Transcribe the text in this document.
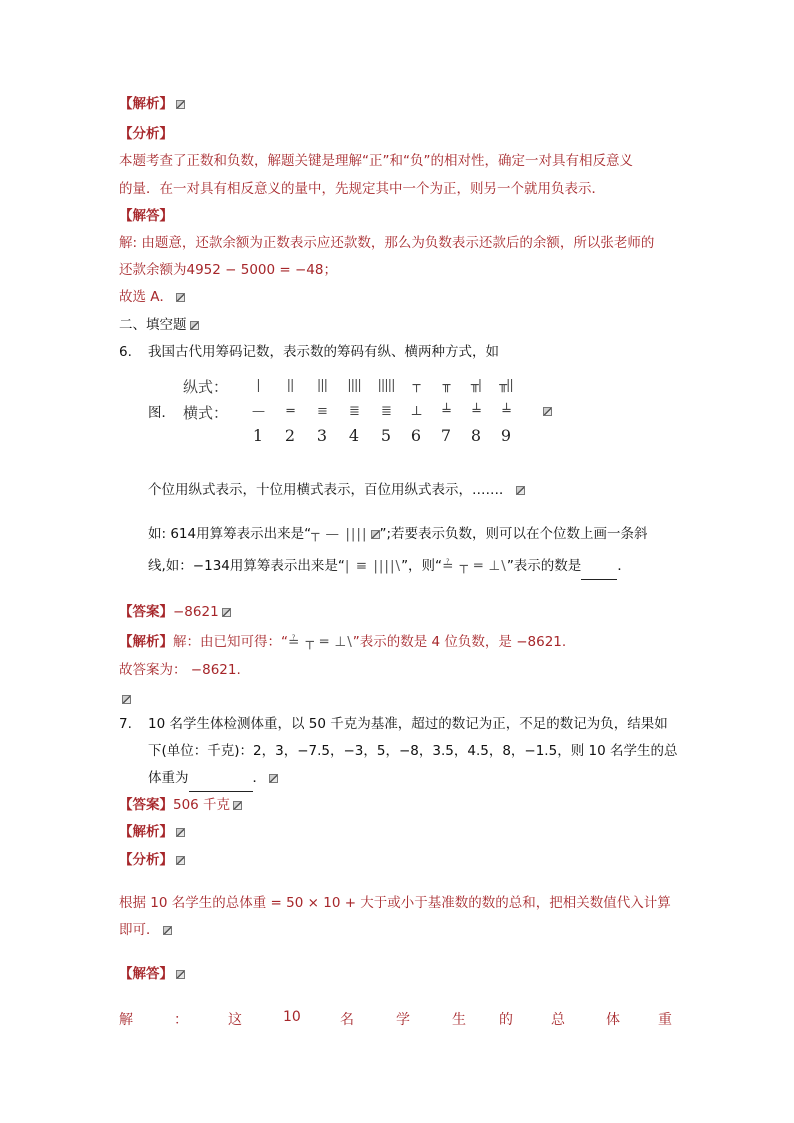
【解析】
【分析】
本题考查了正数和负数，解题关键是理解“正”和“负”的相对性，确定一对具有相反意义
的量．在一对具有相反意义的量中，先规定其中一个为正，则另一个就用负表示．
【解答】
解: 由题意，还款余额为正数表示应还款数，那么为负数表示还款后的余额，所以张老师的
还款余额为4952 − 5000 = −48；
故选 A．
二、填空题
6. 我国古代用筹码记数，表示数的筹码有纵、横两种方式，如
图．
纵式：
横式：
|	||	|||	||||	|||||	┬	╥	╥|	╥||
—	═	≡	≣	≣	⊥	╧	╧	╧
1	2	3	4	5	6	7	8	9
个位用纵式表示，十位用横式表示，百位用纵式表示，……．
如: 614用算筹表示出来是“┬ — |||| ”;若要表示负数，则可以在个位数上画一条斜
线,如：−134用算筹表示出来是“| ≡ ||||\”，则“≟ ┬ ═ ⊥\”表示的数是	．
【答案】−8621
【解析】解：由已知可得：“≟ ┬ ═ ⊥\”表示的数是 4 位负数，是 −8621.
故答案为： −8621.
7. 10 名学生体检测体重，以 50 千克为基准，超过的数记为正，不足的数记为负，结果如
下(单位：千克)：2，3，−7.5，−3，5，−8，3.5，4.5，8，−1.5，则 10 名学生的总
体重为	．
【答案】506 千克
【解析】
【分析】
根据 10 名学生的总体重 = 50 × 10 + 大于或小于基准数的数的总和，把相关数值代入计算
即可．
【解答】
解	：	这	10	名	学	生 的	总	体	重
